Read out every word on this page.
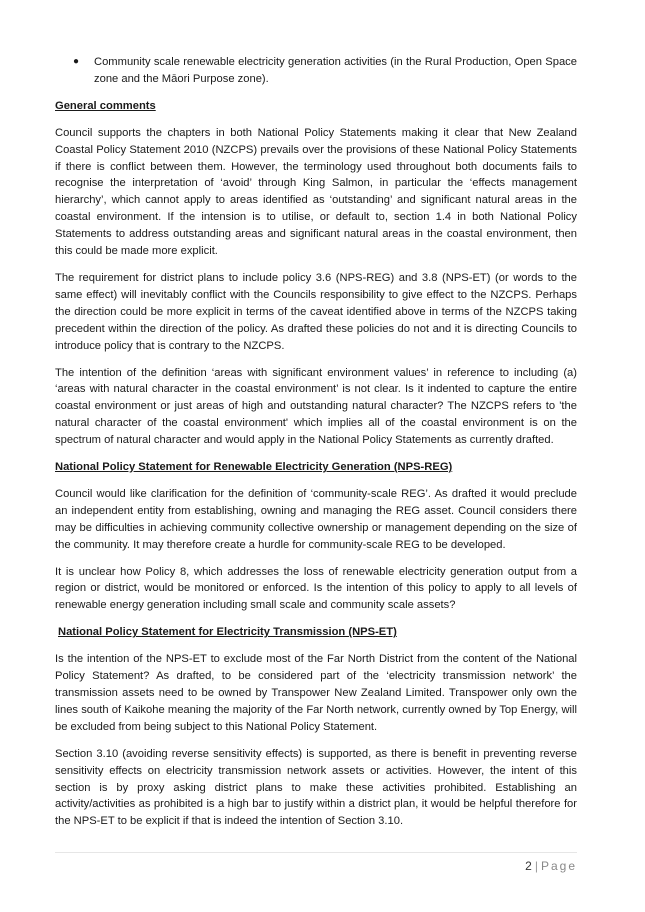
●	Community scale renewable electricity generation activities (in the Rural Production, Open Space zone and the Māori Purpose zone).
General comments

Council supports the chapters in both National Policy Statements making it clear that New Zealand Coastal Policy Statement 2010 (NZCPS) prevails over the provisions of these National Policy Statements if there is conflict between them. However, the terminology used throughout both documents fails to recognise the interpretation of ‘avoid’ through King Salmon, in particular the ‘effects management hierarchy’, which cannot apply to areas identified as ‘outstanding’ and significant natural areas in the coastal environment. If the intension is to utilise, or default to, section 1.4 in both National Policy Statements to address outstanding areas and significant natural areas in the coastal environment, then this could be made more explicit.

The requirement for district plans to include policy 3.6 (NPS-REG) and 3.8 (NPS-ET) (or words to the same effect) will inevitably conflict with the Councils responsibility to give effect to the NZCPS. Perhaps the direction could be more explicit in terms of the caveat identified above in terms of the NZCPS taking precedent within the direction of the policy. As drafted these policies do not and it is directing Councils to introduce policy that is contrary to the NZCPS.

The intention of the definition ‘areas with significant environment values’ in reference to including (a) ‘areas with natural character in the coastal environment’ is not clear. Is it indented to capture the entire coastal environment or just areas of high and outstanding natural character? The NZCPS refers to 'the natural character of the coastal environment' which implies all of the coastal environment is on the spectrum of natural character and would apply in the National Policy Statements as currently drafted.

National Policy Statement for Renewable Electricity Generation (NPS-REG)

Council would like clarification for the definition of ‘community-scale REG’. As drafted it would preclude an independent entity from establishing, owning and managing the REG asset. Council considers there may be difficulties in achieving community collective ownership or management depending on the size of the community. It may therefore create a hurdle for community-scale REG to be developed.

It is unclear how Policy 8, which addresses the loss of renewable electricity generation output from a region or district, would be monitored or enforced. Is the intention of this policy to apply to all levels of renewable energy generation including small scale and community scale assets?

National Policy Statement for Electricity Transmission (NPS-ET)

Is the intention of the NPS-ET to exclude most of the Far North District from the content of the National Policy Statement? As drafted, to be considered part of the ‘electricity transmission network’ the transmission assets need to be owned by Transpower New Zealand Limited. Transpower only own the lines south of Kaikohe meaning the majority of the Far North network, currently owned by Top Energy, will be excluded from being subject to this National Policy Statement.

Section 3.10 (avoiding reverse sensitivity effects) is supported, as there is benefit in preventing reverse sensitivity effects on electricity transmission network assets or activities. However, the intent of this section is by proxy asking district plans to make these activities prohibited. Establishing an activity/activities as prohibited is a high bar to justify within a district plan, it would be helpful therefore for the NPS-ET to be explicit if that is indeed the intention of Section 3.10.

2 | Page
